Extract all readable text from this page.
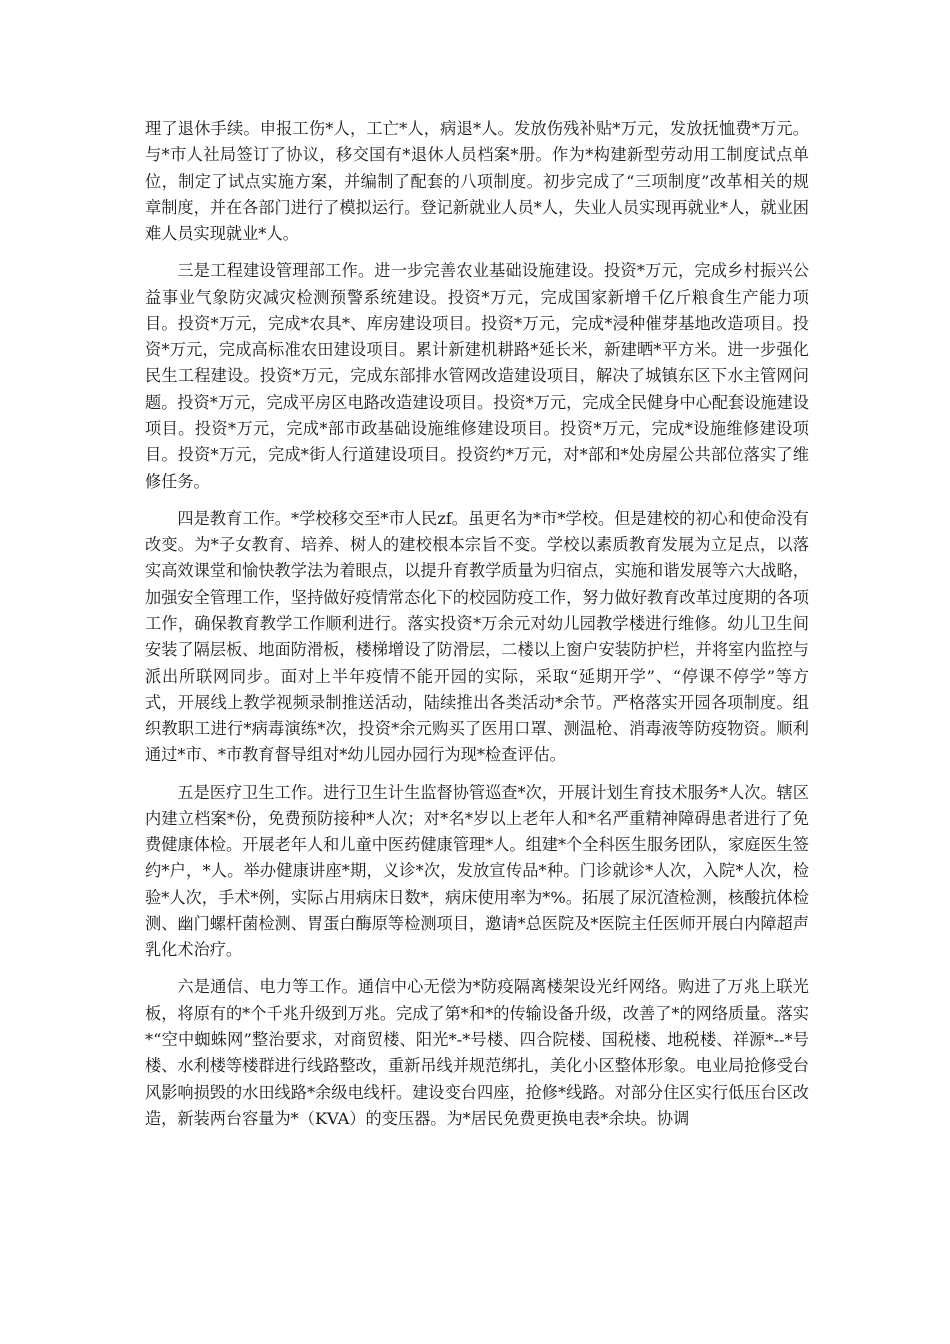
理了退休手续。申报工伤*人，工亡*人，病退*人。发放伤残补贴*万元，发放抚恤费*万元。与*市人社局签订了协议，移交国有*退休人员档案*册。作为*构建新型劳动用工制度试点单位，制定了试点实施方案，并编制了配套的八项制度。初步完成了“三项制度”改革相关的规章制度，并在各部门进行了模拟运行。登记新就业人员*人，失业人员实现再就业*人，就业困难人员实现就业*人。

三是工程建设管理部工作。进一步完善农业基础设施建设。投资*万元，完成乡村振兴公益事业气象防灾减灾检测预警系统建设。投资*万元，完成国家新增千亿斤粮食生产能力项目。投资*万元，完成*农具*、库房建设项目。投资*万元，完成*浸种催芽基地改造项目。投资*万元，完成高标准农田建设项目。累计新建机耕路*延长米，新建晒*平方米。进一步强化民生工程建设。投资*万元，完成东部排水管网改造建设项目，解决了城镇东区下水主管网问题。投资*万元，完成平房区电路改造建设项目。投资*万元，完成全民健身中心配套设施建设项目。投资*万元，完成*部市政基础设施维修建设项目。投资*万元，完成*设施维修建设项目。投资*万元，完成*街人行道建设项目。投资约*万元，对*部和*处房屋公共部位落实了维修任务。

四是教育工作。*学校移交至*市人民zf。虽更名为*市*学校。但是建校的初心和使命没有改变。为*子女教育、培养、树人的建校根本宗旨不变。学校以素质教育发展为立足点，以落实高效课堂和愉快教学法为着眼点，以提升育教学质量为归宿点，实施和谐发展等六大战略，加强安全管理工作，坚持做好疫情常态化下的校园防疫工作，努力做好教育改革过度期的各项工作，确保教育教学工作顺利进行。落实投资*万余元对幼儿园教学楼进行维修。幼儿卫生间安装了隔层板、地面防滑板，楼梯增设了防滑层，二楼以上窗户安装防护栏，并将室内监控与派出所联网同步。面对上半年疫情不能开园的实际，采取“延期开学”、“停课不停学”等方式，开展线上教学视频录制推送活动，陆续推出各类活动*余节。严格落实开园各项制度。组织教职工进行*病毒演练*次，投资*余元购买了医用口罩、测温枪、消毒液等防疫物资。顺利通过*市、*市教育督导组对*幼儿园办园行为现*检查评估。

五是医疗卫生工作。进行卫生计生监督协管巡查*次，开展计划生育技术服务*人次。辖区内建立档案*份，免费预防接种*人次；对*名*岁以上老年人和*名严重精神障碍患者进行了免费健康体检。开展老年人和儿童中医药健康管理*人。组建*个全科医生服务团队，家庭医生签约*户，*人。举办健康讲座*期，义诊*次，发放宣传品*种。门诊就诊*人次，入院*人次，检验*人次，手术*例，实际占用病床日数*，病床使用率为*%。拓展了尿沉渣检测，核酸抗体检测、幽门螺杆菌检测、胃蛋白酶原等检测项目，邀请*总医院及*医院主任医师开展白内障超声乳化术治疗。

六是通信、电力等工作。通信中心无偿为*防疫隔离楼架设光纤网络。购进了万兆上联光板，将原有的*个千兆升级到万兆。完成了第*和*的传输设备升级，改善了*的网络质量。落实*“空中蜘蛛网”整治要求，对商贸楼、阳光*-*号楼、四合院楼、国税楼、地税楼、祥源*--*号楼、水利楼等楼群进行线路整改，重新吊线并规范绑扎，美化小区整体形象。电业局抢修受台风影响损毁的水田线路*余级电线杆。建设变台四座，抢修*线路。对部分住区实行低压台区改造，新装两台容量为*（KVA）的变压器。为*居民免费更换电表*余块。协调
